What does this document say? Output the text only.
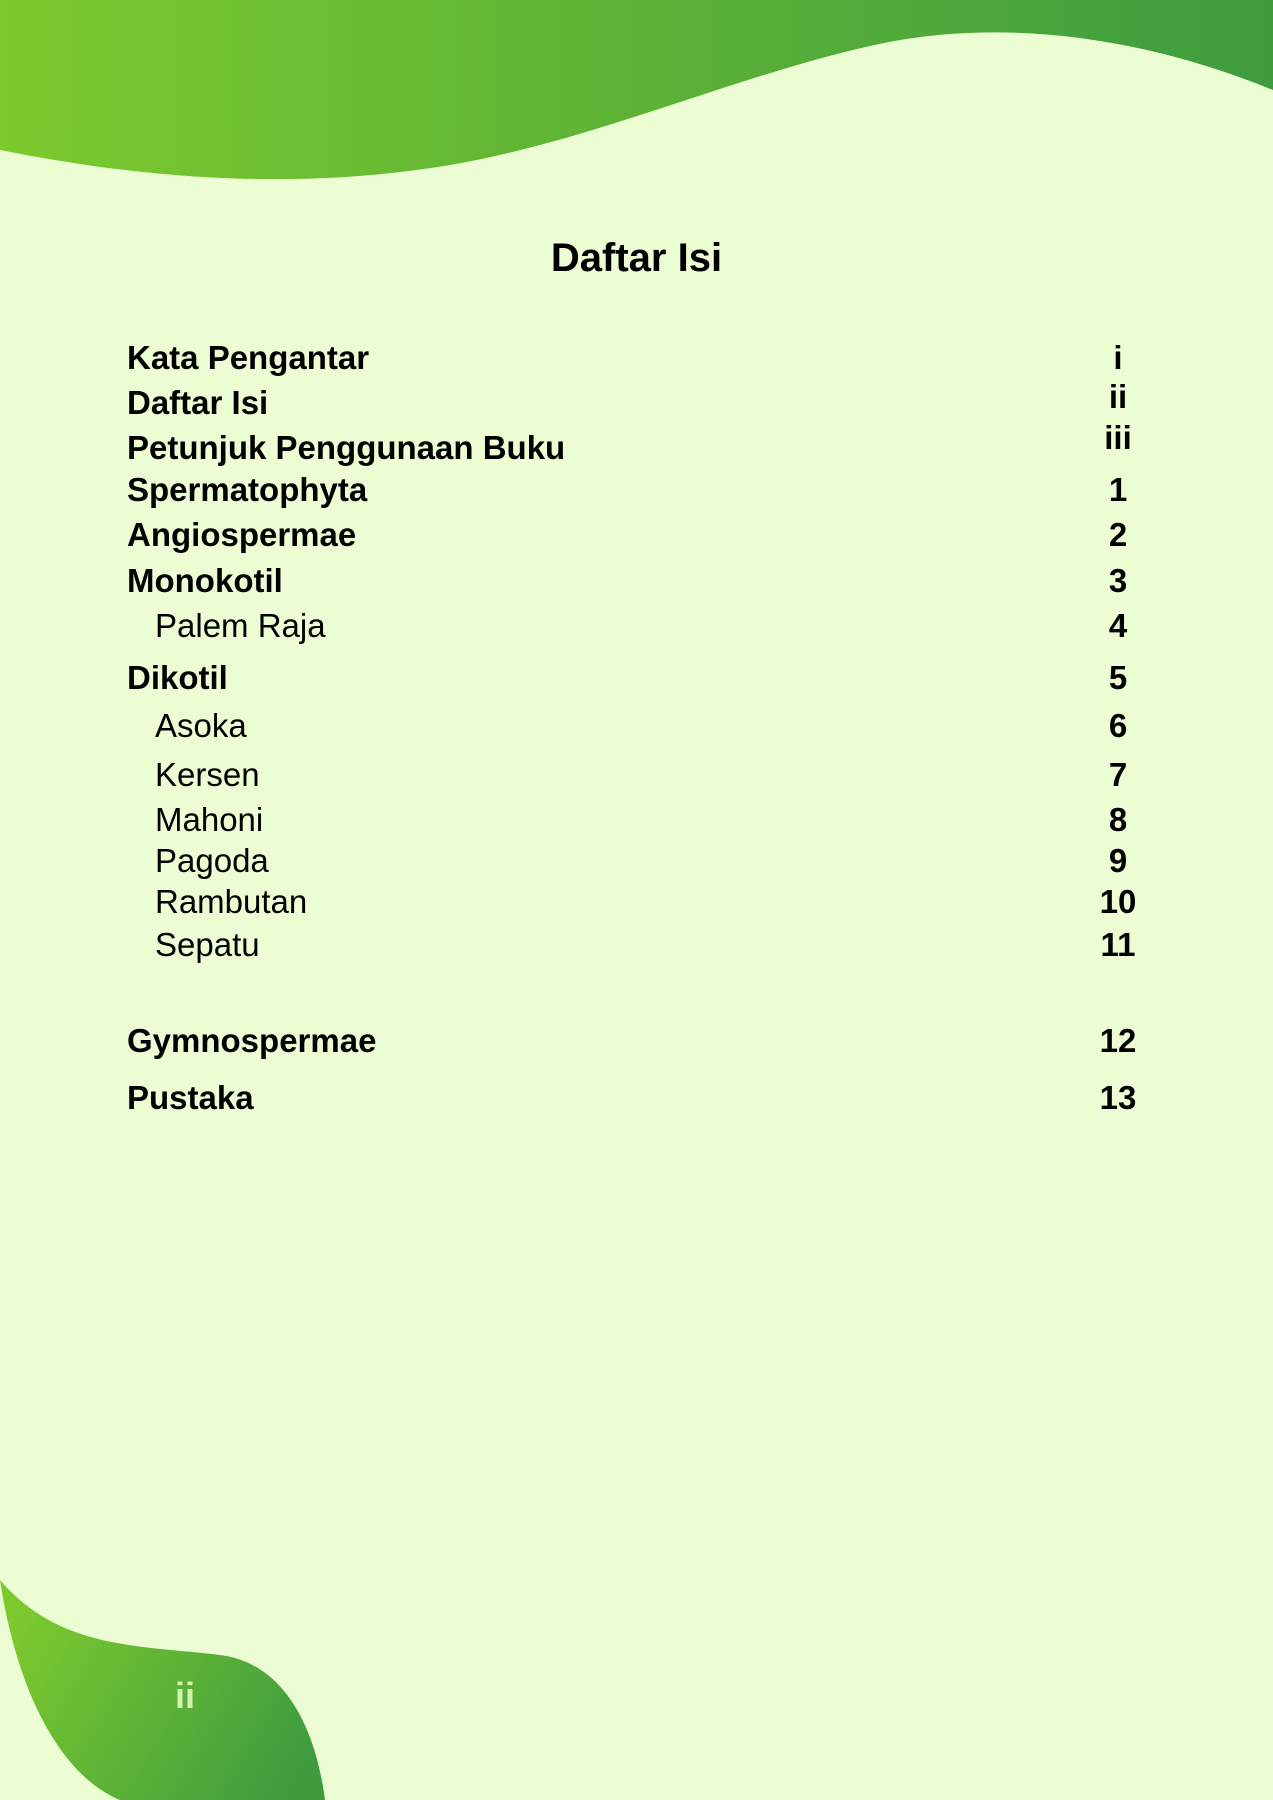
Daftar Isi
Kata Pengantar	i
Daftar Isi	ii
Petunjuk Penggunaan Buku	iii
Spermatophyta	1
Angiospermae	2
Monokotil	3
Palem Raja	4
Dikotil	5
Asoka	6
Kersen	7
Mahoni	8
Pagoda	9
Rambutan	10
Sepatu	11
Gymnospermae	12
Pustaka	13
ii
